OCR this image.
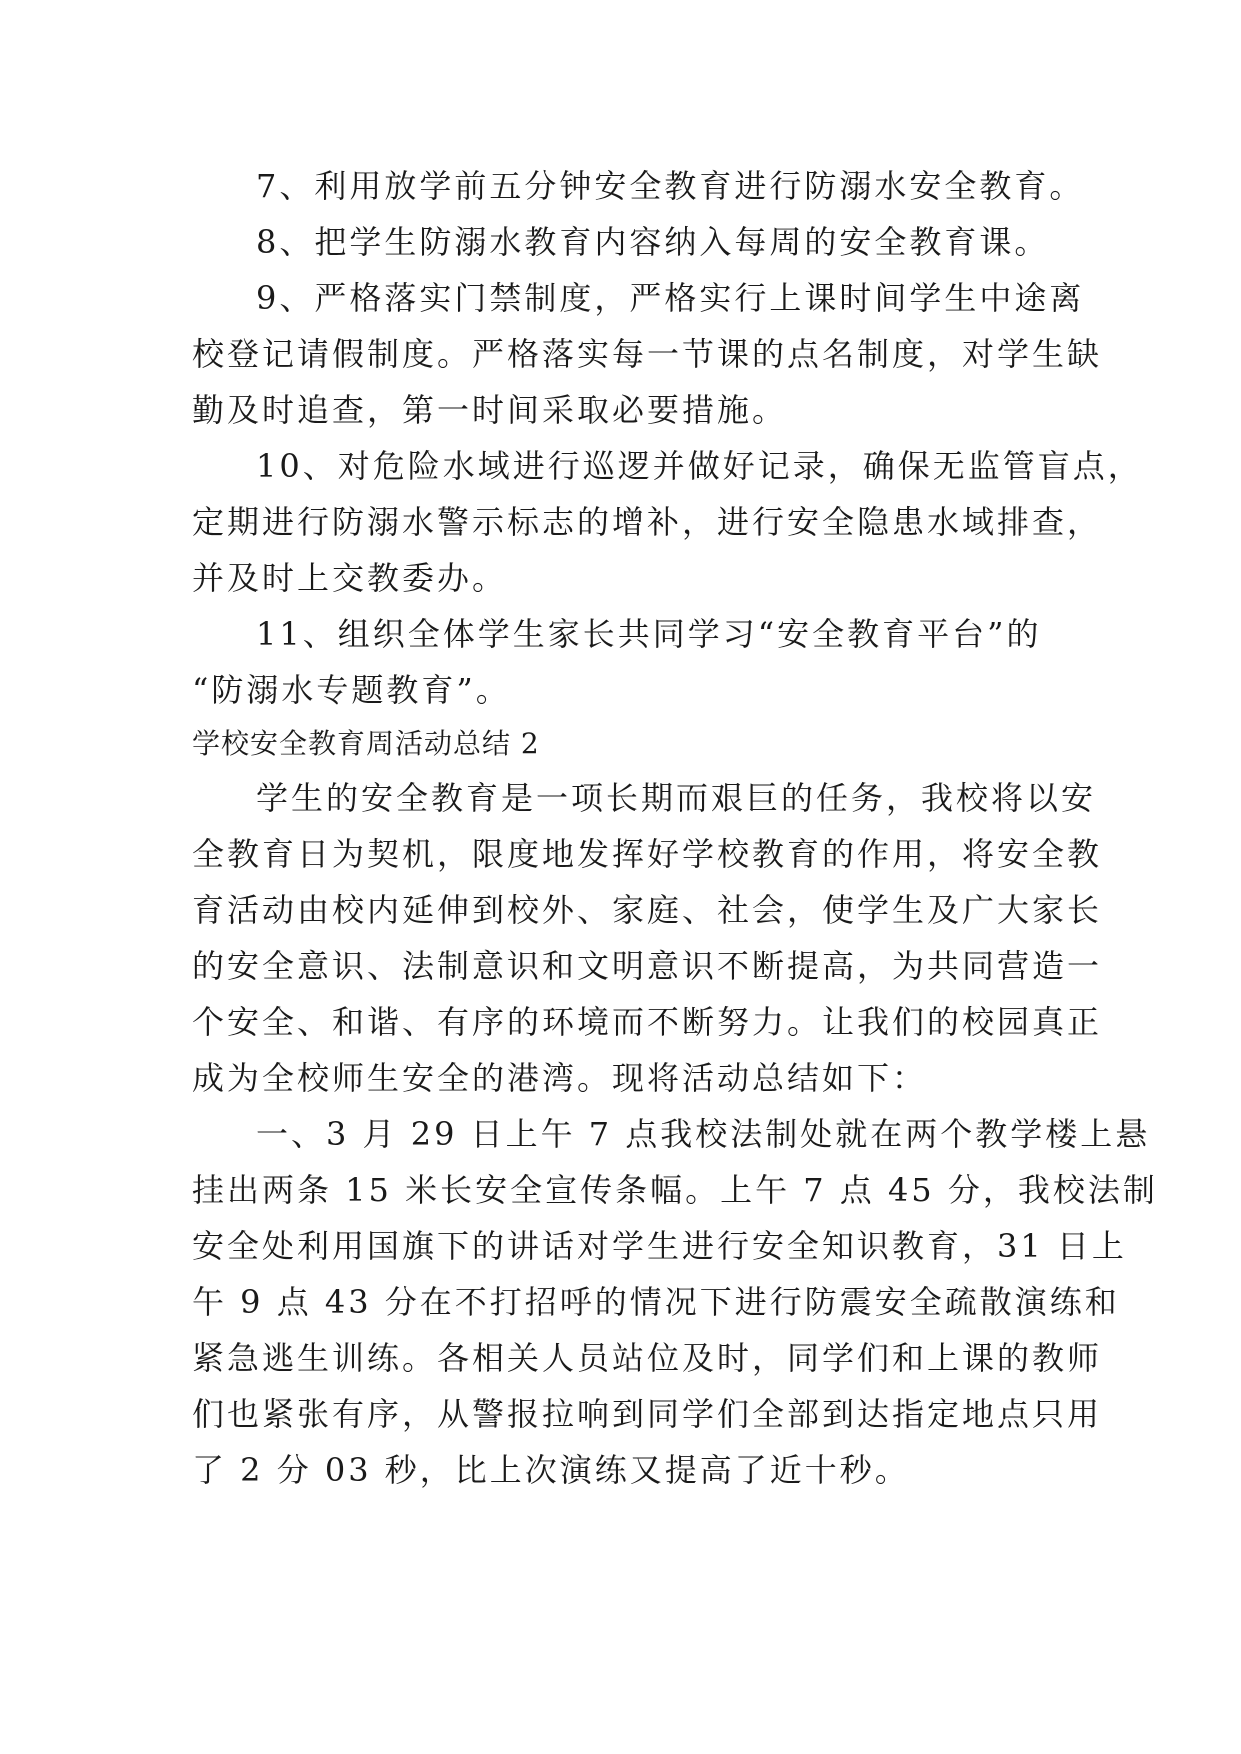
7、利用放学前五分钟安全教育进行防溺水安全教育。
8、把学生防溺水教育内容纳入每周的安全教育课。
9、严格落实门禁制度，严格实行上课时间学生中途离
校登记请假制度。严格落实每一节课的点名制度，对学生缺
勤及时追查，第一时间采取必要措施。
10、对危险水域进行巡逻并做好记录，确保无监管盲点，
定期进行防溺水警示标志的增补，进行安全隐患水域排查，
并及时上交教委办。
11、组织全体学生家长共同学习“安全教育平台”的
“防溺水专题教育”。
学校安全教育周活动总结 2
学生的安全教育是一项长期而艰巨的任务，我校将以安
全教育日为契机，限度地发挥好学校教育的作用，将安全教
育活动由校内延伸到校外、家庭、社会，使学生及广大家长
的安全意识、法制意识和文明意识不断提高，为共同营造一
个安全、和谐、有序的环境而不断努力。让我们的校园真正
成为全校师生安全的港湾。现将活动总结如下：
一、3 月 29 日上午 7 点我校法制处就在两个教学楼上悬
挂出两条 15 米长安全宣传条幅。上午 7 点 45 分，我校法制
安全处利用国旗下的讲话对学生进行安全知识教育，31 日上
午 9 点 43 分在不打招呼的情况下进行防震安全疏散演练和
紧急逃生训练。各相关人员站位及时，同学们和上课的教师
们也紧张有序，从警报拉响到同学们全部到达指定地点只用
了 2 分 03 秒，比上次演练又提高了近十秒。
